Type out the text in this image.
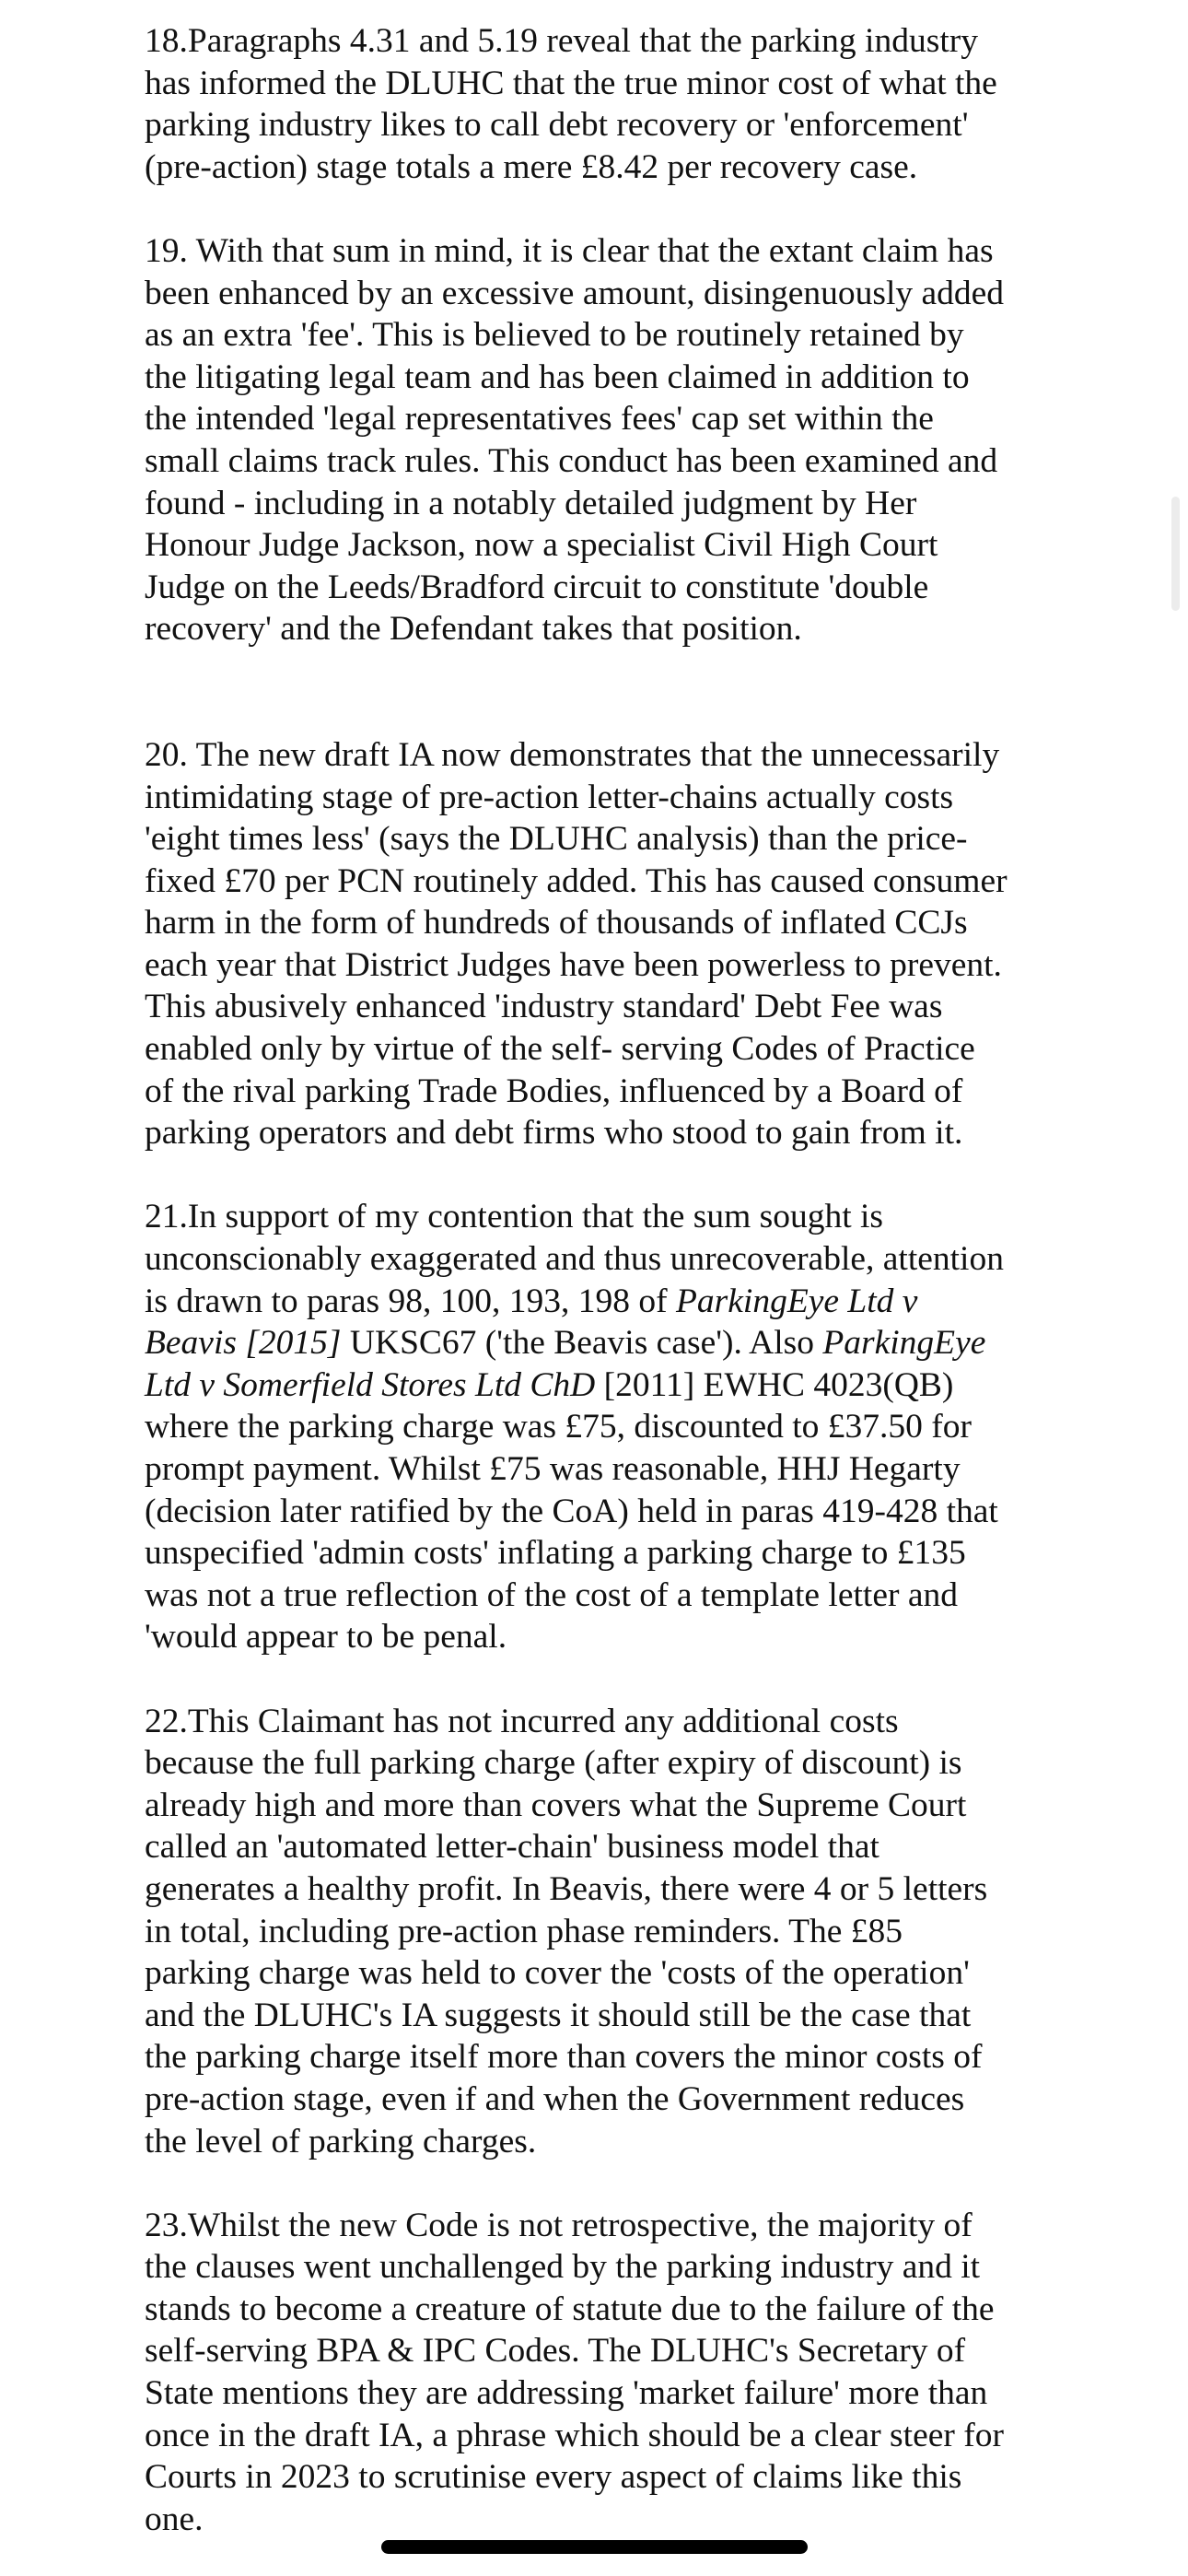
18.Paragraphs 4.31 and 5.19 reveal that the parking industry
has informed the DLUHC that the true minor cost of what the
parking industry likes to call debt recovery or 'enforcement'
(pre-action) stage totals a mere £8.42 per recovery case.
19. With that sum in mind, it is clear that the extant claim has
been enhanced by an excessive amount, disingenuously added
as an extra 'fee'. This is believed to be routinely retained by
the litigating legal team and has been claimed in addition to
the intended 'legal representatives fees' cap set within the
small claims track rules. This conduct has been examined and
found - including in a notably detailed judgment by Her
Honour Judge Jackson, now a specialist Civil High Court
Judge on the Leeds/Bradford circuit to constitute 'double
recovery' and the Defendant takes that position.
20. The new draft IA now demonstrates that the unnecessarily
intimidating stage of pre-action letter-chains actually costs
'eight times less' (says the DLUHC analysis) than the price-
fixed £70 per PCN routinely added. This has caused consumer
harm in the form of hundreds of thousands of inflated CCJs
each year that District Judges have been powerless to prevent.
This abusively enhanced 'industry standard' Debt Fee was
enabled only by virtue of the self- serving Codes of Practice
of the rival parking Trade Bodies, influenced by a Board of
parking operators and debt firms who stood to gain from it.
21.In support of my contention that the sum sought is
unconscionably exaggerated and thus unrecoverable, attention
is drawn to paras 98, 100, 193, 198 of ParkingEye Ltd v
Beavis [2015] UKSC67 ('the Beavis case'). Also ParkingEye
Ltd v Somerfield Stores Ltd ChD [2011] EWHC 4023(QB)
where the parking charge was £75, discounted to £37.50 for
prompt payment. Whilst £75 was reasonable, HHJ Hegarty
(decision later ratified by the CoA) held in paras 419-428 that
unspecified 'admin costs' inflating a parking charge to £135
was not a true reflection of the cost of a template letter and
'would appear to be penal.
22.This Claimant has not incurred any additional costs
because the full parking charge (after expiry of discount) is
already high and more than covers what the Supreme Court
called an 'automated letter-chain' business model that
generates a healthy profit. In Beavis, there were 4 or 5 letters
in total, including pre-action phase reminders. The £85
parking charge was held to cover the 'costs of the operation'
and the DLUHC's IA suggests it should still be the case that
the parking charge itself more than covers the minor costs of
pre-action stage, even if and when the Government reduces
the level of parking charges.
23.Whilst the new Code is not retrospective, the majority of
the clauses went unchallenged by the parking industry and it
stands to become a creature of statute due to the failure of the
self-serving BPA & IPC Codes. The DLUHC's Secretary of
State mentions they are addressing 'market failure' more than
once in the draft IA, a phrase which should be a clear steer for
Courts in 2023 to scrutinise every aspect of claims like this
one.
